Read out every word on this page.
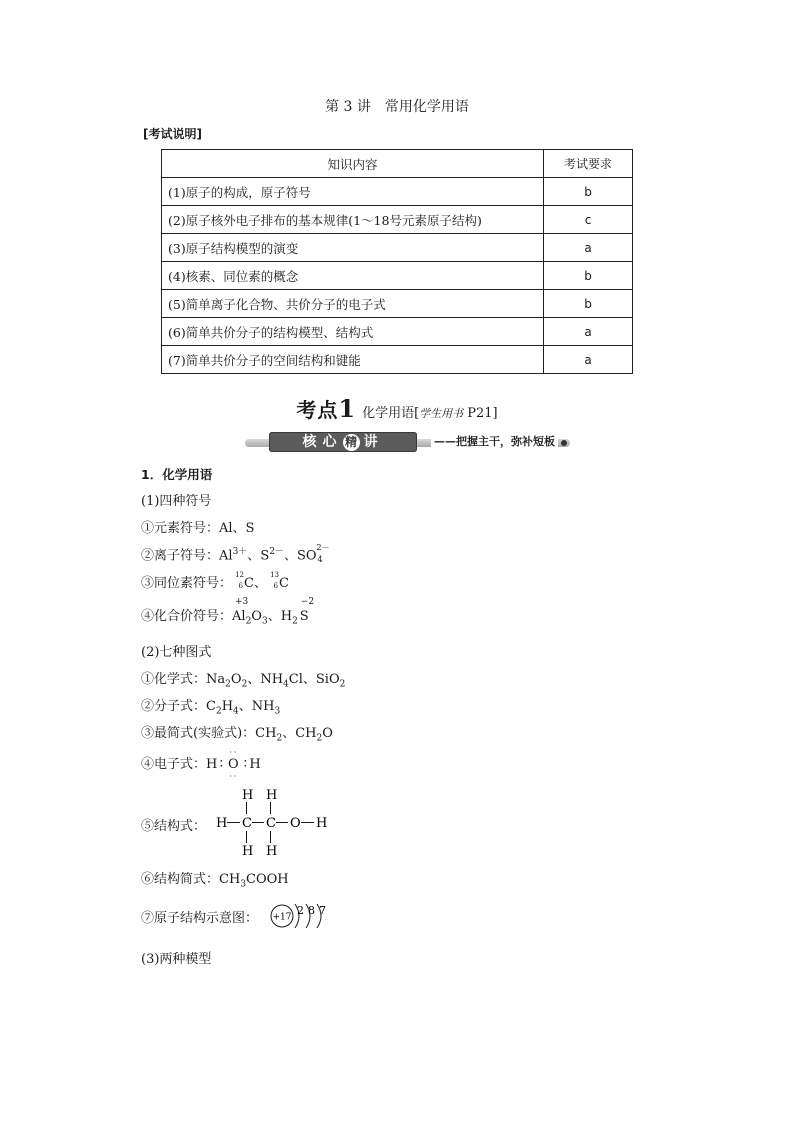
第 3 讲 常用化学用语
[考试说明]
知识内容	考试要求
(1)原子的构成，原子符号	b
(2)原子核外电子排布的基本规律(1～18号元素原子结构)	c
(3)原子结构模型的演变	a
(4)核素、同位素的概念	b
(5)简单离子化合物、共价分子的电子式	b
(6)简单共价分子的结构模型、结构式	a
(7)简单共价分子的空间结构和键能	a
考点1 化学用语[学生用书 P21]
核心 精 讲	——把握主干，弥补短板
1．化学用语
(1)四种符号
①元素符号：Al、S
②离子符号：$Al^{3+}$、$S^{2-}$、SO
2－
4
③同位素符号：
12
6 C、
13
6 C
④化合价符号：
+3
$Al_2O_3$、$H_2$
−2
S
(2)七种图式
①化学式：$Na_2O_2$、$NH_4Cl$、SiO$_2$
②分子式：$C_2H_4$、$NH_3$
③最简式(实验式)：$CH_2$、$CH_2O$
④电子式：H ∶
··
O
··
∶ H
⑤结构式：
H H
H C C O H
H H
⑥结构简式：$CH_3COOH$
⑦原子结构示意图： +17
2 8 7
(3)两种模型
